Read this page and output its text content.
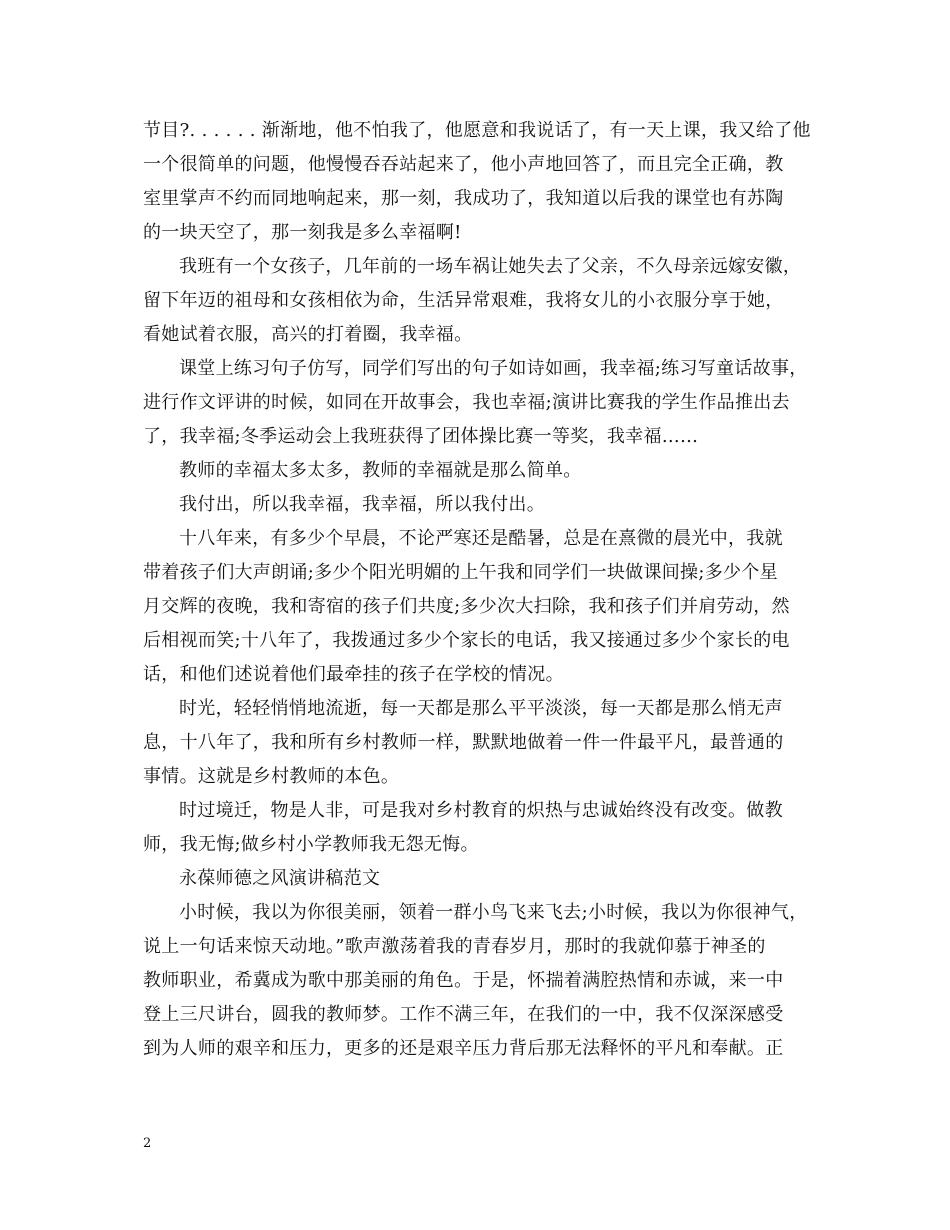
节目?. . . . . . 渐渐地，他不怕我了，他愿意和我说话了，有一天上课，我又给了他
一个很简单的问题，他慢慢吞吞站起来了，他小声地回答了，而且完全正确，教
室里掌声不约而同地响起来，那一刻，我成功了，我知道以后我的课堂也有苏陶
的一块天空了，那一刻我是多么幸福啊!
我班有一个女孩子，几年前的一场车祸让她失去了父亲，不久母亲远嫁安徽，
留下年迈的祖母和女孩相依为命，生活异常艰难，我将女儿的小衣服分享于她，
看她试着衣服，高兴的打着圈，我幸福。
课堂上练习句子仿写，同学们写出的句子如诗如画，我幸福;练习写童话故事，
进行作文评讲的时候，如同在开故事会，我也幸福;演讲比赛我的学生作品推出去
了，我幸福;冬季运动会上我班获得了团体操比赛一等奖，我幸福……
教师的幸福太多太多，教师的幸福就是那么简单。
我付出，所以我幸福，我幸福，所以我付出。
十八年来，有多少个早晨，不论严寒还是酷暑，总是在熹微的晨光中，我就
带着孩子们大声朗诵;多少个阳光明媚的上午我和同学们一块做课间操;多少个星
月交辉的夜晚，我和寄宿的孩子们共度;多少次大扫除，我和孩子们并肩劳动，然
后相视而笑;十八年了，我拨通过多少个家长的电话，我又接通过多少个家长的电
话，和他们述说着他们最牵挂的孩子在学校的情况。
时光，轻轻悄悄地流逝，每一天都是那么平平淡淡，每一天都是那么悄无声
息，十八年了，我和所有乡村教师一样，默默地做着一件一件最平凡，最普通的
事情。这就是乡村教师的本色。
时过境迁，物是人非，可是我对乡村教育的炽热与忠诚始终没有改变。做教
师，我无悔;做乡村小学教师我无怨无悔。
永葆师德之风演讲稿范文
小时候，我以为你很美丽，领着一群小鸟飞来飞去;小时候，我以为你很神气，
说上一句话来惊天动地。”歌声激荡着我的青春岁月，那时的我就仰慕于神圣的
教师职业，希冀成为歌中那美丽的角色。于是，怀揣着满腔热情和赤诚，来一中
登上三尺讲台，圆我的教师梦。工作不满三年，在我们的一中，我不仅深深感受
到为人师的艰辛和压力，更多的还是艰辛压力背后那无法释怀的平凡和奉献。正
2
